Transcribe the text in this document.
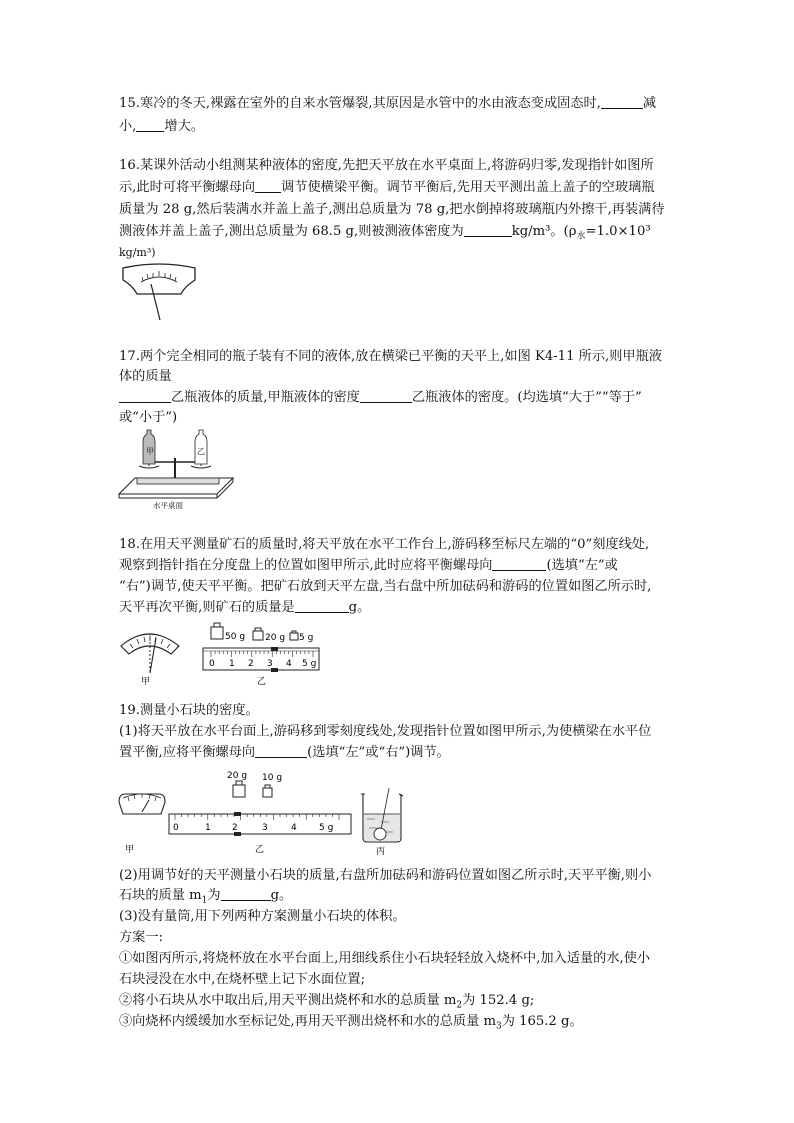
15.寒冷的冬天,裸露在室外的自来水管爆裂,其原因是水管中的水由液态变成固态时,	减
小, 增大。
16.某课外活动小组测某种液体的密度,先把天平放在水平桌面上,将游码归零,发现指针如图所
示,此时可将平衡螺母向 调节使横梁平衡。调节平衡后,先用天平测出盖上盖子的空玻璃瓶
质量为 28 g,然后装满水并盖上盖子,测出总质量为 78 g,把水倒掉将玻璃瓶内外擦干,再装满待
测液体并盖上盖子,测出总质量为 68.5 g,则被测液体密度为	kg/m³。($\rho_水=1.0\times 10^3$
kg/m³)
17.两个完全相同的瓶子装有不同的液体,放在横梁已平衡的天平上,如图 K4-11 所示,则甲瓶液
体的质量
乙瓶液体的质量,甲瓶液体的密度	乙瓶液体的密度。(均选填“大于”“等于”
或“小于”)
甲	乙
水平桌面
18.在用天平测量矿石的质量时,将天平放在水平工作台上,游码移至标尺左端的“0”刻度线处,
观察到指针指在分度盘上的位置如图甲所示,此时应将平衡螺母向	(选填“左”或
“右”)调节,使天平平衡。把矿石放到天平左盘,当右盘中所加砝码和游码的位置如图乙所示时,
天平再次平衡,则矿石的质量是	g。
甲
50 g 20 g 5 g
0 1 2 3 4 5 g
乙
19.测量小石块的密度。
(1)将天平放在水平台面上,游码移到零刻度线处,发现指针位置如图甲所示,为使横梁在水平位
置平衡,应将平衡螺母向	(选填“左”或“右”)调节。
甲
20 g 10 g
0	1 2	3	4 5 g
乙	丙
(2)用调节好的天平测量小石块的质量,右盘所加砝码和游码位置如图乙所示时,天平平衡,则小
石块的质量 $m_1$为	g。
(3)没有量筒,用下列两种方案测量小石块的体积。
方案一:
①如图丙所示,将烧杯放在水平台面上,用细线系住小石块轻轻放入烧杯中,加入适量的水,使小
石块浸没在水中,在烧杯壁上记下水面位置;
②将小石块从水中取出后,用天平测出烧杯和水的总质量 $m_2$为 152.4 g;
③向烧杯内缓缓加水至标记处,再用天平测出烧杯和水的总质量 $m_3$为 165.2 g。
